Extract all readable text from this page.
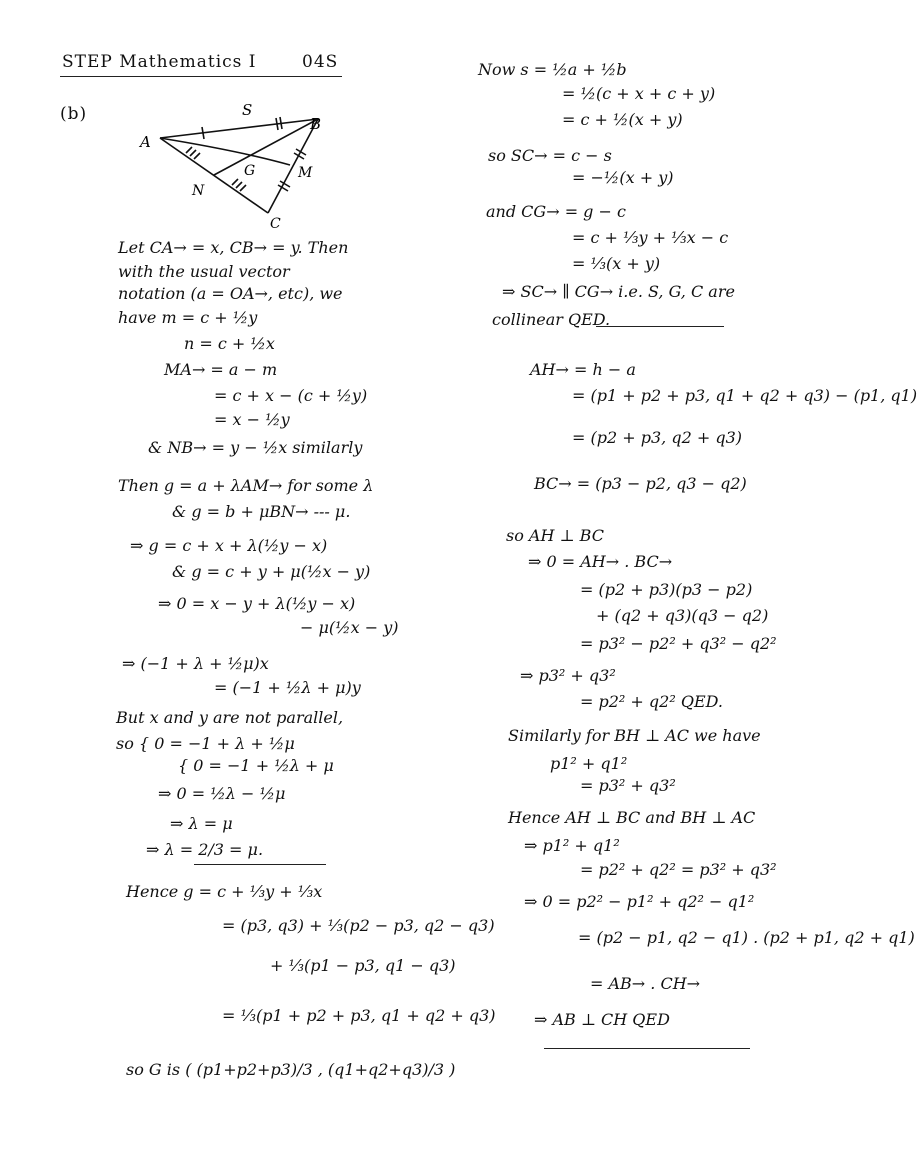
STEP Mathematics I	04S
(b)
A
S
B
G	M
N
C
Let CA→ = x, CB→ = y. Then
with the usual vector
notation (a = OA→, etc), we
have m = c + ½y
n = c + ½x
MA→ = a − m
= c + x − (c + ½y)
= x − ½y
& NB→ = y − ½x similarly
Then g = a + λAM→ for some λ
& g = b + μBN→ --- μ.
⇒ g = c + x + λ(½y − x)
& g = c + y + μ(½x − y)
⇒ 0 = x − y + λ(½y − x)
− μ(½x − y)
⇒ (−1 + λ + ½μ)x
= (−1 + ½λ + μ)y
But x and y are not parallel,
so { 0 = −1 + λ + ½μ
{ 0 = −1 + ½λ + μ
⇒ 0 = ½λ − ½μ
⇒ λ = μ
⇒ λ = 2/3 = μ.
Hence g = c + ⅓y + ⅓x
= (p3, q3) + ⅓(p2 − p3, q2 − q3)
+ ⅓(p1 − p3, q1 − q3)
= ⅓(p1 + p2 + p3, q1 + q2 + q3)
so G is ( (p1+p2+p3)/3 , (q1+q2+q3)/3 )
Now s = ½a + ½b
= ½(c + x + c + y)
= c + ½(x + y)
so SC→ = c − s
= −½(x + y)
and CG→ = g − c
= c + ⅓y + ⅓x − c
= ⅓(x + y)
⇒ SC→ ∥ CG→ i.e. S, G, C are
collinear QED.
AH→ = h − a
= (p1 + p2 + p3, q1 + q2 + q3) − (p1, q1)
= (p2 + p3, q2 + q3)
BC→ = (p3 − p2, q3 − q2)
so AH ⊥ BC
⇒ 0 = AH→ . BC→
= (p2 + p3)(p3 − p2)
+ (q2 + q3)(q3 − q2)
= p3² − p2² + q3² − q2²
⇒ p3² + q3²
= p2² + q2² QED.
Similarly for BH ⊥ AC we have
p1² + q1²
= p3² + q3²
Hence AH ⊥ BC and BH ⊥ AC
⇒ p1² + q1²
= p2² + q2² = p3² + q3²
⇒ 0 = p2² − p1² + q2² − q1²
= (p2 − p1, q2 − q1) . (p2 + p1, q2 + q1)
= AB→ . CH→
⇒ AB ⊥ CH QED
